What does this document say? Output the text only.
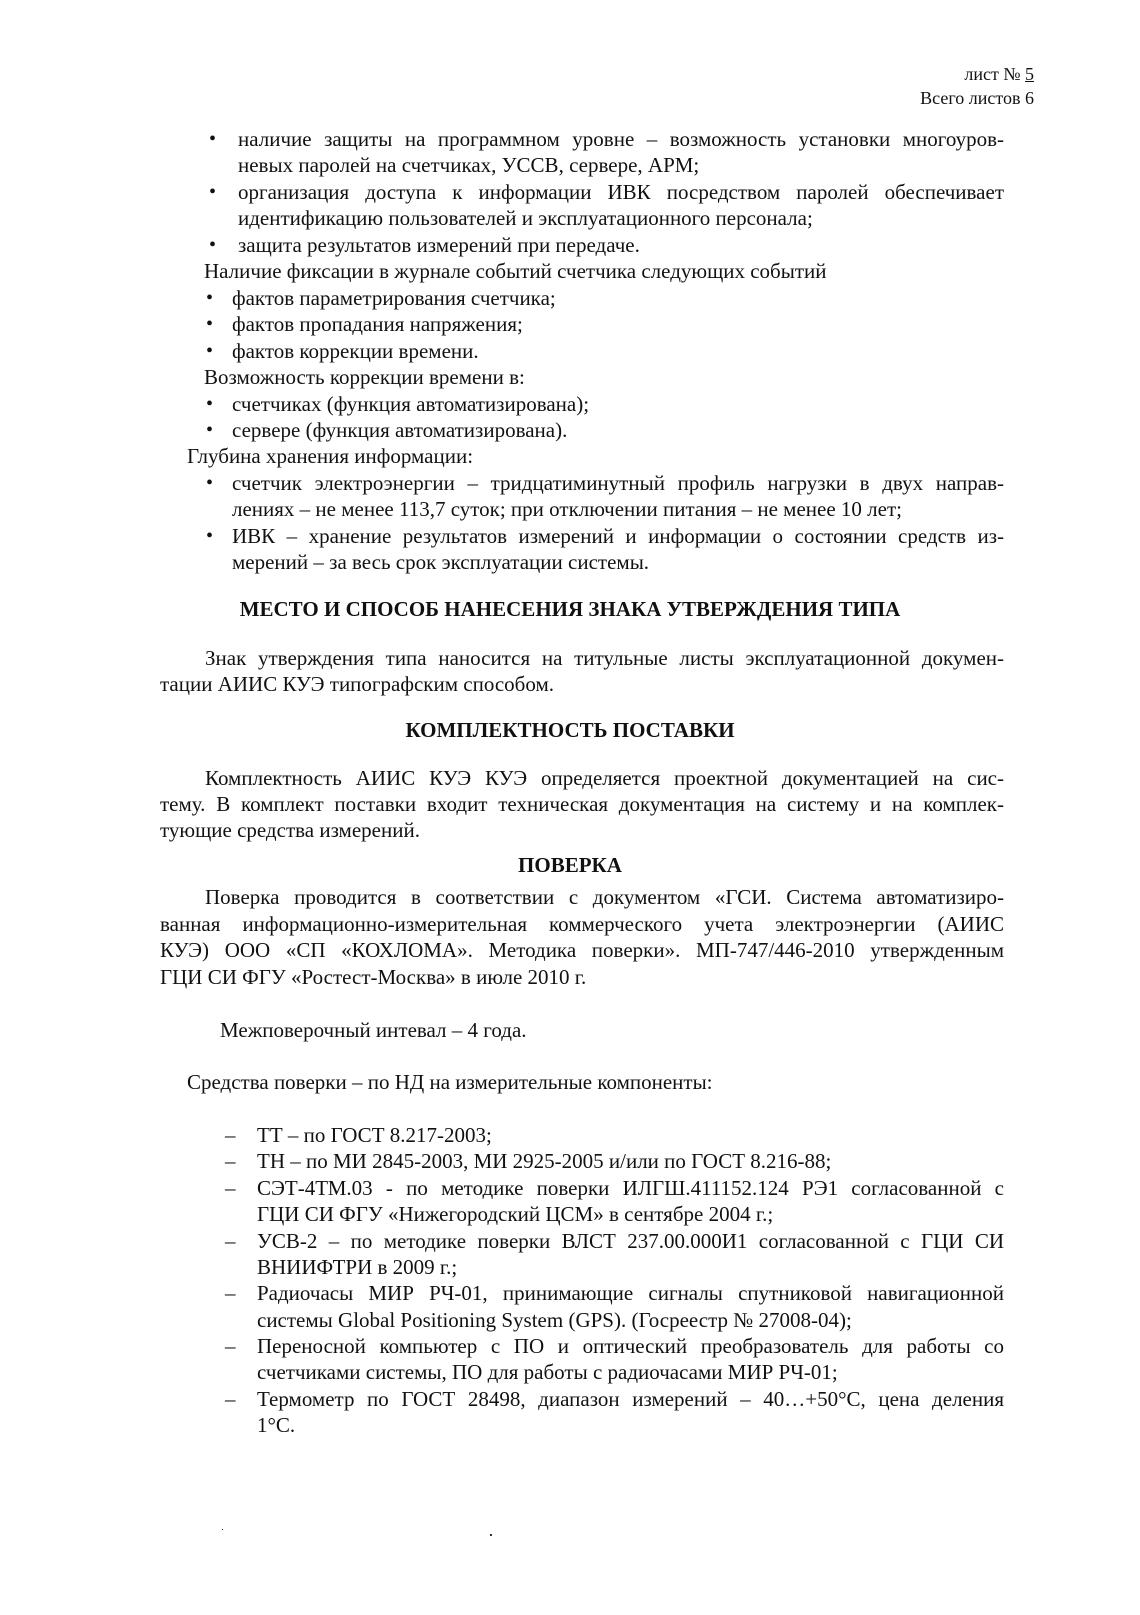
лист № 5
Всего листов 6
• наличие защиты на программном уровне – возможность установки многоуров-
невых паролей на счетчиках, УССВ, сервере, АРМ;
• организация доступа к информации ИВК посредством паролей обеспечивает
идентификацию пользователей и эксплуатационного персонала;
• защита результатов измерений при передаче.
Наличие фиксации в журнале событий счетчика следующих событий
• фактов параметрирования счетчика;
• фактов пропадания напряжения;
• фактов коррекции времени.
Возможность коррекции времени в:
• счетчиках (функция автоматизирована);
• сервере (функция автоматизирована).
Глубина хранения информации:
• счетчик электроэнергии – тридцатиминутный профиль нагрузки в двух направ-
лениях – не менее 113,7 суток; при отключении питания – не менее 10 лет;
• ИВК – хранение результатов измерений и информации о состоянии средств из-
мерений – за весь срок эксплуатации системы.
МЕСТО И СПОСОБ НАНЕСЕНИЯ ЗНАКА УТВЕРЖДЕНИЯ ТИПА
Знак утверждения типа наносится на титульные листы эксплуатационной докумен-
тации АИИС КУЭ типографским способом.
КОМПЛЕКТНОСТЬ ПОСТАВКИ
Комплектность АИИС КУЭ КУЭ определяется проектной документацией на сис-
тему. В комплект поставки входит техническая документация на систему и на комплек-
тующие средства измерений.
ПОВЕРКА
Поверка проводится в соответствии с документом «ГСИ. Система автоматизиро-
ванная информационно-измерительная коммерческого учета электроэнергии (АИИС
КУЭ) ООО «СП «КОХЛОМА». Методика поверки». МП-747/446-2010 утвержденным
ГЦИ СИ ФГУ «Ростест-Москва» в июле 2010 г.
Межповерочный интевал – 4 года.
Средства поверки – по НД на измерительные компоненты:
– ТТ – по ГОСТ 8.217-2003;
– ТН – по МИ 2845-2003, МИ 2925-2005 и/или по ГОСТ 8.216-88;
– СЭТ-4ТМ.03 - по методике поверки ИЛГШ.411152.124 РЭ1 согласованной с
ГЦИ СИ ФГУ «Нижегородский ЦСМ» в сентябре 2004 г.;
– УСВ-2 – по методике поверки ВЛСТ 237.00.000И1 согласованной с ГЦИ СИ
ВНИИФТРИ в 2009 г.;
– Радиочасы МИР РЧ-01, принимающие сигналы спутниковой навигационной
системы Global Positioning System (GPS). (Госреестр № 27008-04);
– Переносной компьютер с ПО и оптический преобразователь для работы со
счетчиками системы, ПО для работы с радиочасами МИР РЧ-01;
– Термометр по ГОСТ 28498, диапазон измерений – 40…+50°С, цена деления
1°С.
